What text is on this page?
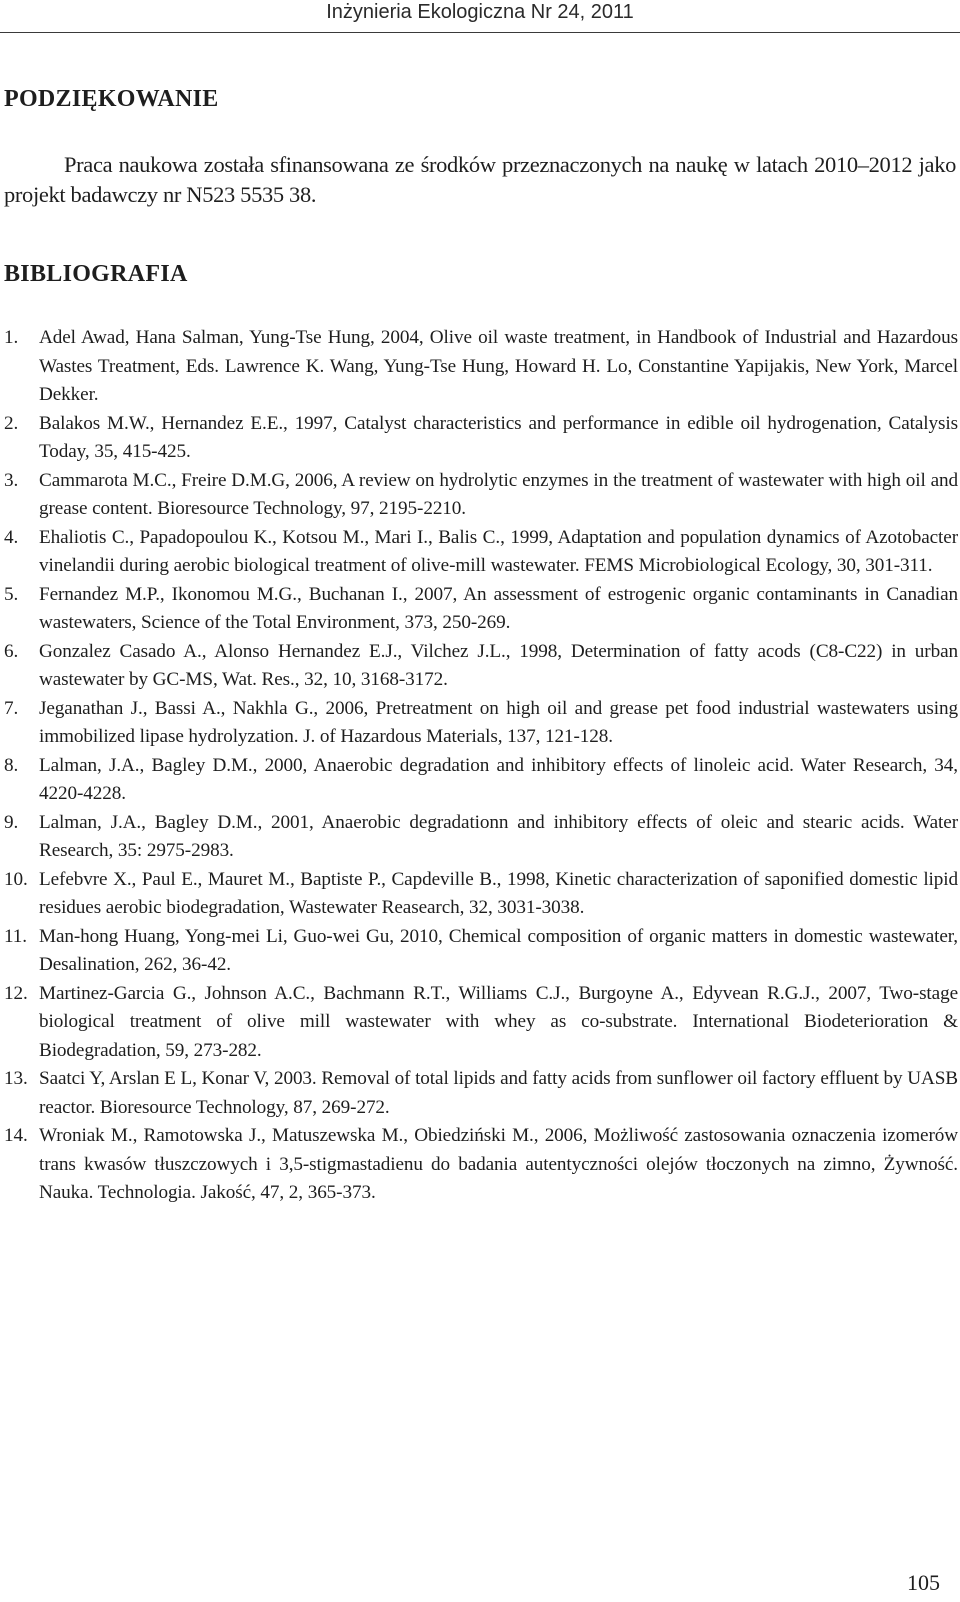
Inżynieria Ekologiczna Nr 24, 2011
PODZIĘKOWANIE

Praca naukowa została sfinansowana ze środków przeznaczonych na naukę w latach 2010–2012 jako projekt badawczy nr N523 5535 38.

BIBLIOGRAFIA
1. Adel Awad, Hana Salman, Yung-Tse Hung, 2004, Olive oil waste treatment, in Handbook of Industrial and Hazardous Wastes Treatment, Eds. Lawrence K. Wang, Yung-Tse Hung, Howard H. Lo, Constantine Yapijakis, New York, Marcel Dekker.
2. Balakos M.W., Hernandez E.E., 1997, Catalyst characteristics and performance in edible oil hydrogenation, Catalysis Today, 35, 415-425.
3. Cammarota M.C., Freire D.M.G, 2006, A review on hydrolytic enzymes in the treatment of wastewater with high oil and grease content. Bioresource Technology, 97, 2195-2210.
4. Ehaliotis C., Papadopoulou K., Kotsou M., Mari I., Balis C., 1999, Adaptation and population dynamics of Azotobacter vinelandii during aerobic biological treatment of olive-mill wastewater. FEMS Microbiological Ecology, 30, 301-311.
5. Fernandez M.P., Ikonomou M.G., Buchanan I., 2007, An assessment of estrogenic organic contaminants in Canadian wastewaters, Science of the Total Environment, 373, 250-269.
6. Gonzalez Casado A., Alonso Hernandez E.J., Vilchez J.L., 1998, Determination of fatty acods (C8-C22) in urban wastewater by GC-MS, Wat. Res., 32, 10, 3168-3172.
7. Jeganathan J., Bassi A., Nakhla G., 2006, Pretreatment on high oil and grease pet food industrial wastewaters using immobilized lipase hydrolyzation. J. of Hazardous Materials, 137, 121-128.
8. Lalman, J.A., Bagley D.M., 2000, Anaerobic degradation and inhibitory effects of linoleic acid. Water Research, 34, 4220-4228.
9. Lalman, J.A., Bagley D.M., 2001, Anaerobic degradationn and inhibitory effects of oleic and stearic acids. Water Research, 35: 2975-2983.
10. Lefebvre X., Paul E., Mauret M., Baptiste P., Capdeville B., 1998, Kinetic characterization of saponified domestic lipid residues aerobic biodegradation, Wastewater Reasearch, 32, 3031-3038.
11. Man-hong Huang, Yong-mei Li, Guo-wei Gu, 2010, Chemical composition of organic matters in domestic wastewater, Desalination, 262, 36-42.
12. Martinez-Garcia G., Johnson A.C., Bachmann R.T., Williams C.J., Burgoyne A., Edyvean R.G.J., 2007, Two-stage biological treatment of olive mill wastewater with whey as co-substrate. International Biodeterioration & Biodegradation, 59, 273-282.
13. Saatci Y, Arslan E L, Konar V, 2003. Removal of total lipids and fatty acids from sunflower oil factory effluent by UASB reactor. Bioresource Technology, 87, 269-272.
14. Wroniak M., Ramotowska J., Matuszewska M., Obiedziński M., 2006, Możliwość zastosowania oznaczenia izomerów trans kwasów tłuszczowych i 3,5-stigmastadienu do badania autentyczności olejów tłoczonych na zimno, Żywność. Nauka. Technologia. Jakość, 47, 2, 365-373.
105
